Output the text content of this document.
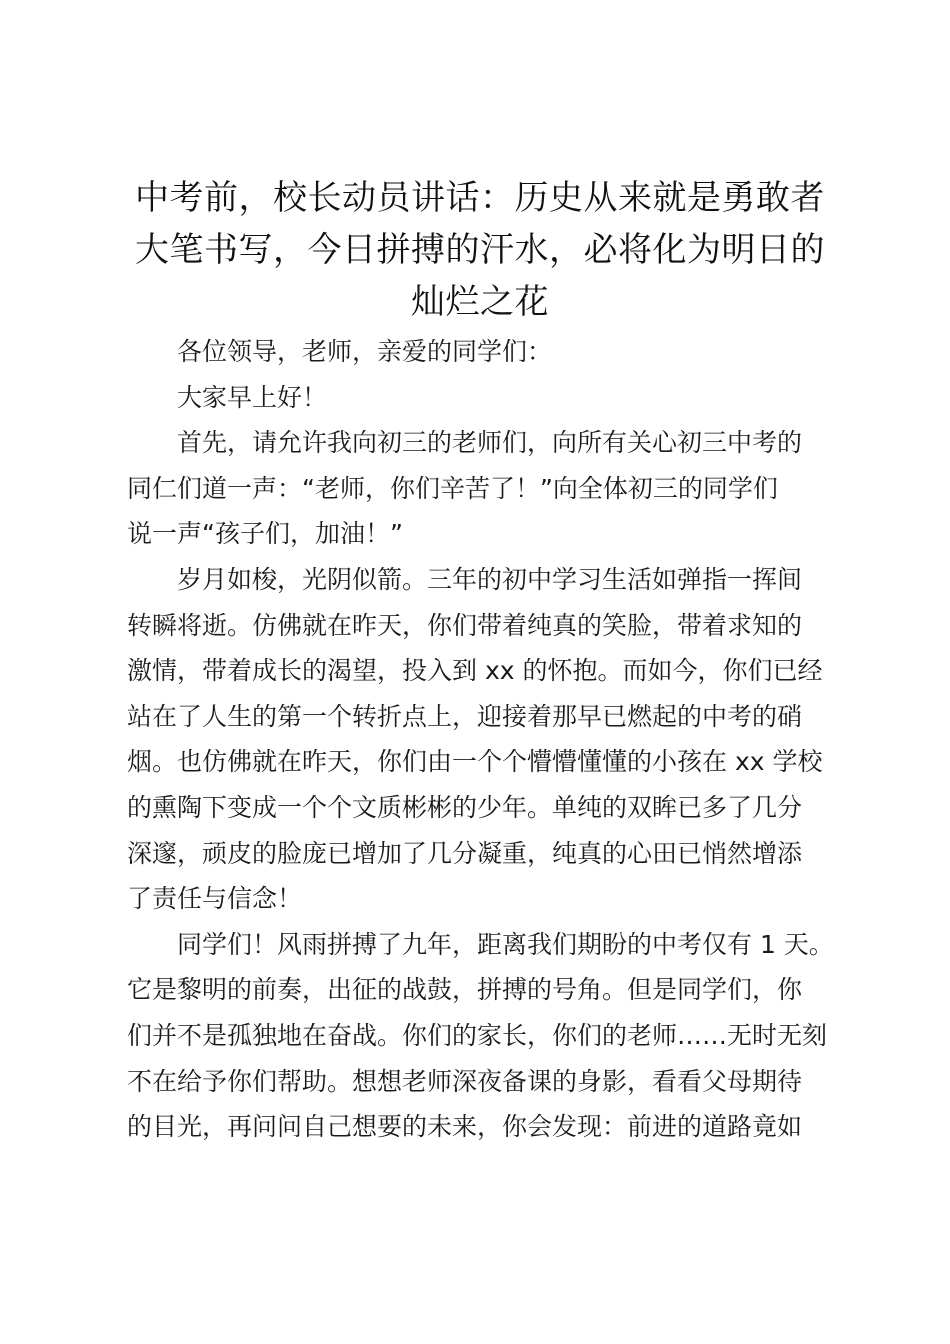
中考前，校长动员讲话：历史从来就是勇敢者
大笔书写，今日拼搏的汗水，必将化为明日的
灿烂之花

各位领导，老师，亲爱的同学们：

大家早上好！

首先，请允许我向初三的老师们，向所有关心初三中考的
同仁们道一声：“老师，你们辛苦了！”向全体初三的同学们
说一声“孩子们，加油！”

岁月如梭，光阴似箭。三年的初中学习生活如弹指一挥间
转瞬将逝。仿佛就在昨天，你们带着纯真的笑脸，带着求知的
激情，带着成长的渴望，投入到 xx 的怀抱。而如今，你们已经
站在了人生的第一个转折点上，迎接着那早已燃起的中考的硝
烟。也仿佛就在昨天，你们由一个个懵懵懂懂的小孩在 xx 学校
的熏陶下变成一个个文质彬彬的少年。单纯的双眸已多了几分
深邃，顽皮的脸庞已增加了几分凝重，纯真的心田已悄然增添
了责任与信念！

同学们！风雨拼搏了九年，距离我们期盼的中考仅有 1 天。
它是黎明的前奏，出征的战鼓，拼搏的号角。但是同学们，你
们并不是孤独地在奋战。你们的家长，你们的老师……无时无刻
不在给予你们帮助。想想老师深夜备课的身影，看看父母期待
的目光，再问问自己想要的未来，你会发现：前进的道路竟如
